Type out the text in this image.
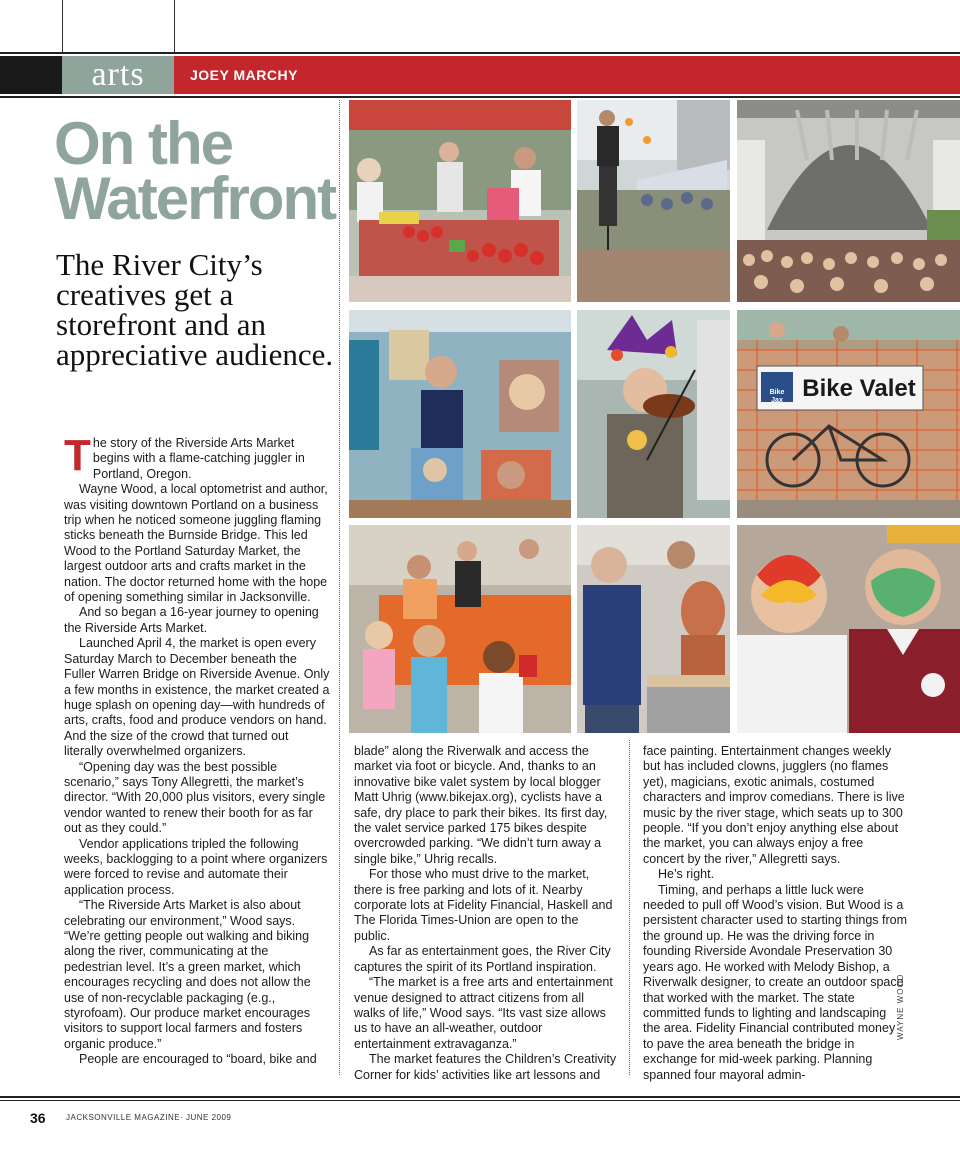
arts	JOEY MARCHY
On the
Waterfront
The River City’s creatives get a storefront and an appreciative audience.
T he story of the Riverside Arts Market begins with a flame-catching juggler in Portland, Oregon.

Wayne Wood, a local optometrist and author, was visiting downtown Portland on a business trip when he noticed someone juggling flaming sticks beneath the Burnside Bridge. This led Wood to the Portland Saturday Market, the largest outdoor arts and crafts market in the nation. The doctor returned home with the hope of opening something similar in Jacksonville.

And so began a 16-year journey to opening the Riverside Arts Market.

Launched April 4, the market is open every Saturday March to December beneath the Fuller Warren Bridge on Riverside Avenue. Only a few months in existence, the market created a huge splash on opening day—with hundreds of arts, crafts, food and produce vendors on hand. And the size of the crowd that turned out literally overwhelmed organizers.

“Opening day was the best possible scenario,” says Tony Allegretti, the market’s director. “With 20,000 plus visitors, every single vendor wanted to renew their booth for as far out as they could.”

Vendor applications tripled the following weeks, backlogging to a point where organizers were forced to revise and automate their application process.

“The Riverside Arts Market is also about celebrating our environment,” Wood says. “We’re getting people out walking and biking along the river, communicating at the pedestrian level. It’s a green market, which encourages recycling and does not allow the use of non-recyclable packaging (e.g., styrofoam). Our produce market encourages visitors to support local farmers and fosters organic produce.”

People are encouraged to “board, bike and

blade” along the Riverwalk and access the market via foot or bicycle. And, thanks to an innovative bike valet system by local blogger Matt Uhrig (www.bikejax.org), cyclists have a safe, dry place to park their bikes. Its first day, the valet service parked 175 bikes despite overcrowded parking. “We didn’t turn away a single bike,” Uhrig recalls.

For those who must drive to the market, there is free parking and lots of it. Nearby corporate lots at Fidelity Financial, Haskell and The Florida Times-Union are open to the public.

As far as entertainment goes, the River City captures the spirit of its Portland inspiration.

“The market is a free arts and entertainment venue designed to attract citizens from all walks of life,” Wood says. “Its vast size allows us to have an all-weather, outdoor entertainment extravaganza.”

The market features the Children’s Creativity Corner for kids’ activities like art lessons and

face painting. Entertainment changes weekly but has included clowns, jugglers (no flames yet), magicians, exotic animals, costumed characters and improv comedians. There is live music by the river stage, which seats up to 300 people. “If you don’t enjoy anything else about the market, you can always enjoy a free concert by the river,” Allegretti says.

He’s right.

Timing, and perhaps a little luck were needed to pull off Wood’s vision. But Wood is a persistent character used to starting things from the ground up. He was the driving force in founding Riverside Avondale Preservation 30 years ago. He worked with Melody Bishop, a Riverwalk designer, to create an outdoor space that worked with the market. The state committed funds to lighting and landscaping the area. Fidelity Financial contributed money to pave the area beneath the bridge in exchange for mid-week parking. Planning spanned four mayoral admin-

Bike Jax Bike Valet
WAYNE WOOD
36	JACKSONVILLE MAGAZINE· JUNE 2009
